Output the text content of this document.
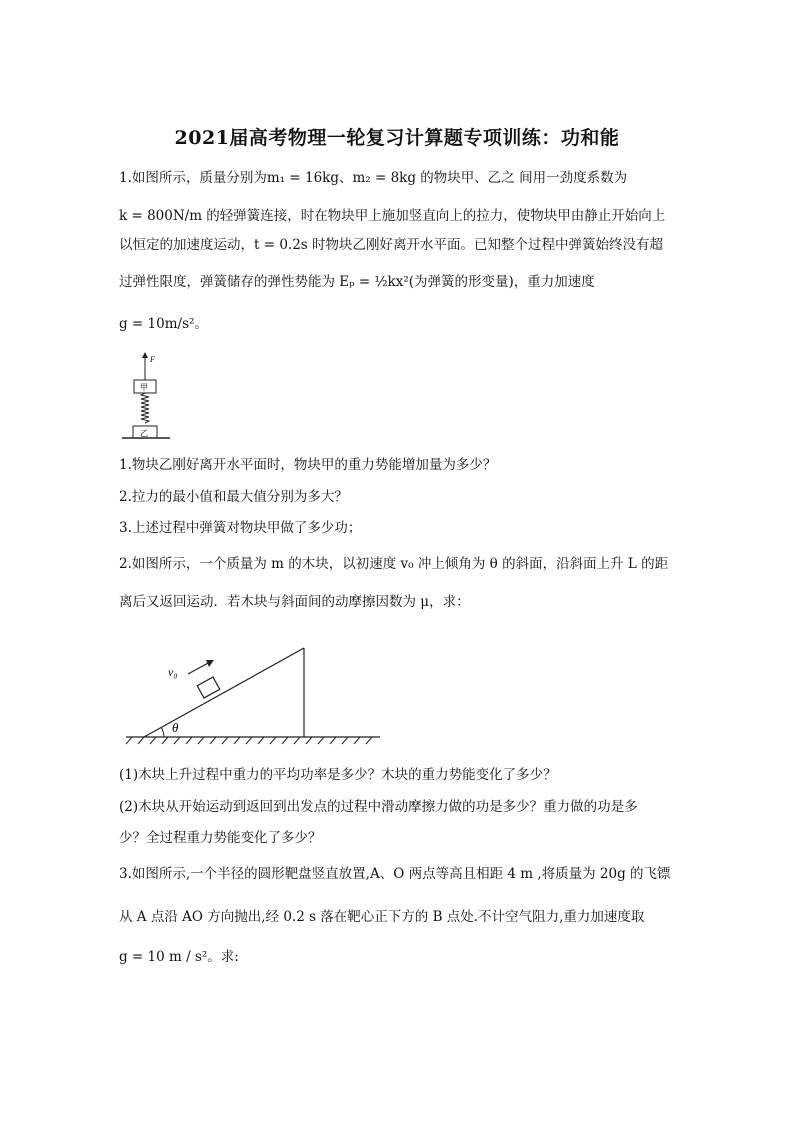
2021届高考物理一轮复习计算题专项训练：功和能
1.如图所示，质量分别为m₁ = 16kg、m₂ = 8kg 的物块甲、乙之 间用一劲度系数为
k = 800N/m 的轻弹簧连接，时在物块甲上施加竖直向上的拉力，使物块甲由静止开始向上
以恒定的加速度运动，t = 0.2s 时物块乙刚好离开水平面。已知整个过程中弹簧始终没有超
过弹性限度，弹簧储存的弹性势能为 Eₚ = ½kx²(为弹簧的形变量)，重力加速度
g = 10m/s²。
F
甲
乙
1.物块乙刚好离开水平面时，物块甲的重力势能增加量为多少？
2.拉力的最小值和最大值分别为多大？
3.上述过程中弹簧对物块甲做了多少功；
2.如图所示，一个质量为 m 的木块，以初速度 v₀ 冲上倾角为 θ 的斜面，沿斜面上升 L 的距
离后又返回运动．若木块与斜面间的动摩擦因数为 μ，求：
θ
v₀
(1)木块上升过程中重力的平均功率是多少？木块的重力势能变化了多少？
(2)木块从开始运动到返回到出发点的过程中滑动摩擦力做的功是多少？重力做的功是多
少？全过程重力势能变化了多少？
3.如图所示,一个半径的圆形靶盘竖直放置,A、O 两点等高且相距 4 m ,将质量为 20g 的飞镖
从 A 点沿 AO 方向抛出,经 0.2 s 落在靶心正下方的 B 点处.不计空气阻力,重力加速度取
g = 10 m / s²。求:
